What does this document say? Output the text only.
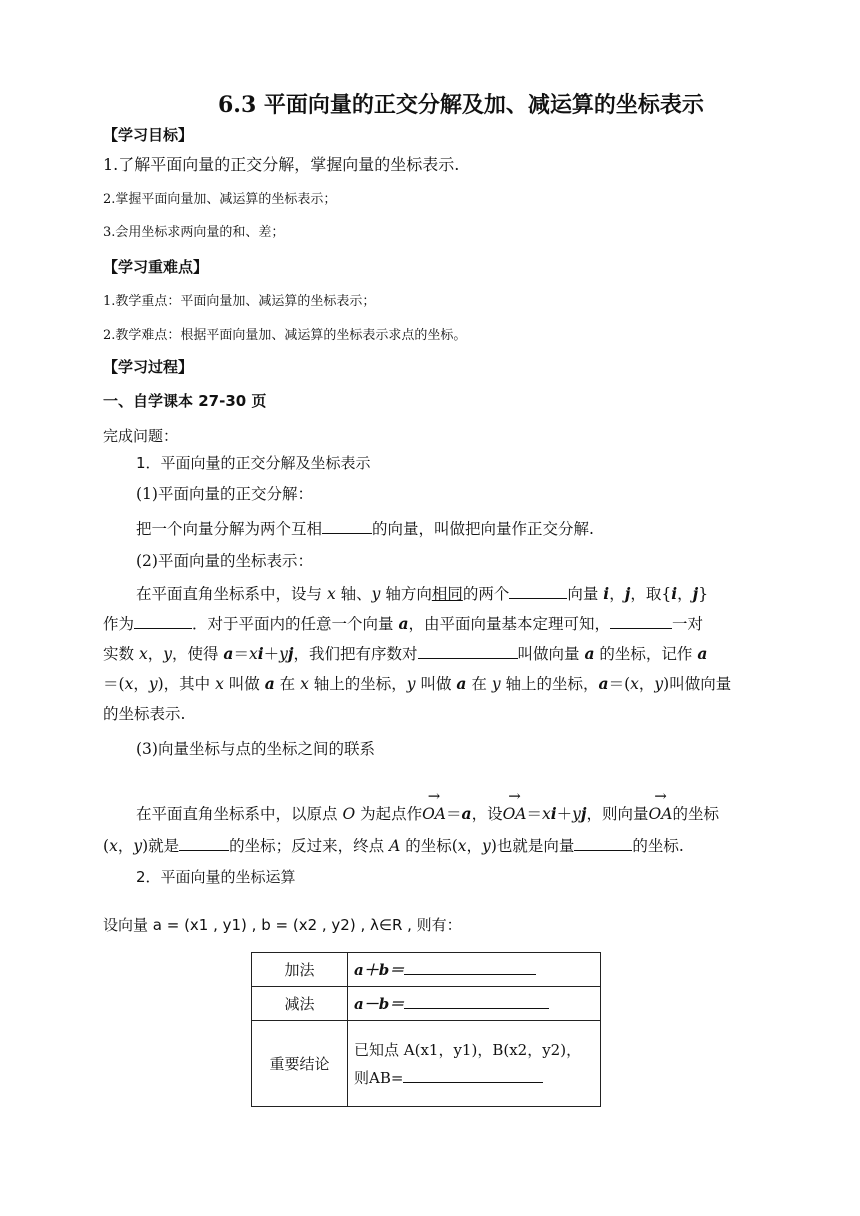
6.3 平面向量的正交分解及加、减运算的坐标表示
【学习目标】
1.了解平面向量的正交分解，掌握向量的坐标表示.
2.掌握平面向量加、减运算的坐标表示；
3.会用坐标求两向量的和、差；
【学习重难点】
1.教学重点：平面向量加、减运算的坐标表示；
2.教学难点：根据平面向量加、减运算的坐标表示求点的坐标。
【学习过程】
一、自学课本 27-30 页
完成问题：
1．平面向量的正交分解及坐标表示
(1)平面向量的正交分解：
把一个向量分解为两个互相	的向量，叫做把向量作正交分解.
(2)平面向量的坐标表示：
在平面直角坐标系中，设与 x 轴、y 轴方向相同的两个	向量 i，j，取{i，j}
作为	．对于平面内的任意一个向量 a，由平面向量基本定理可知，	一对
实数 x，y，使得 a＝xi＋yj，我们把有序数对	叫做向量 a 的坐标，记作 a
＝(x，y)，其中 x 叫做 a 在 x 轴上的坐标，y 叫做 a 在 y 轴上的坐标，a＝(x，y)叫做向量
的坐标表示.
(3)向量坐标与点的坐标之间的联系
在平面直角坐标系中，以原点 O 为起点作→ OA＝a，设→ OA＝xi＋yj，则向量→ OA的坐标
(x，y)就是	的坐标；反过来，终点 A 的坐标(x，y)也就是向量	的坐标.
2．平面向量的坐标运算
设向量 a = (x1 , y1) , b = (x2 , y2) , λ∈R , 则有：
加法	a＋b＝
减法	a－b＝
重要结论	已知点 A(x1，y1)，B(x2，y2)，则AB=
